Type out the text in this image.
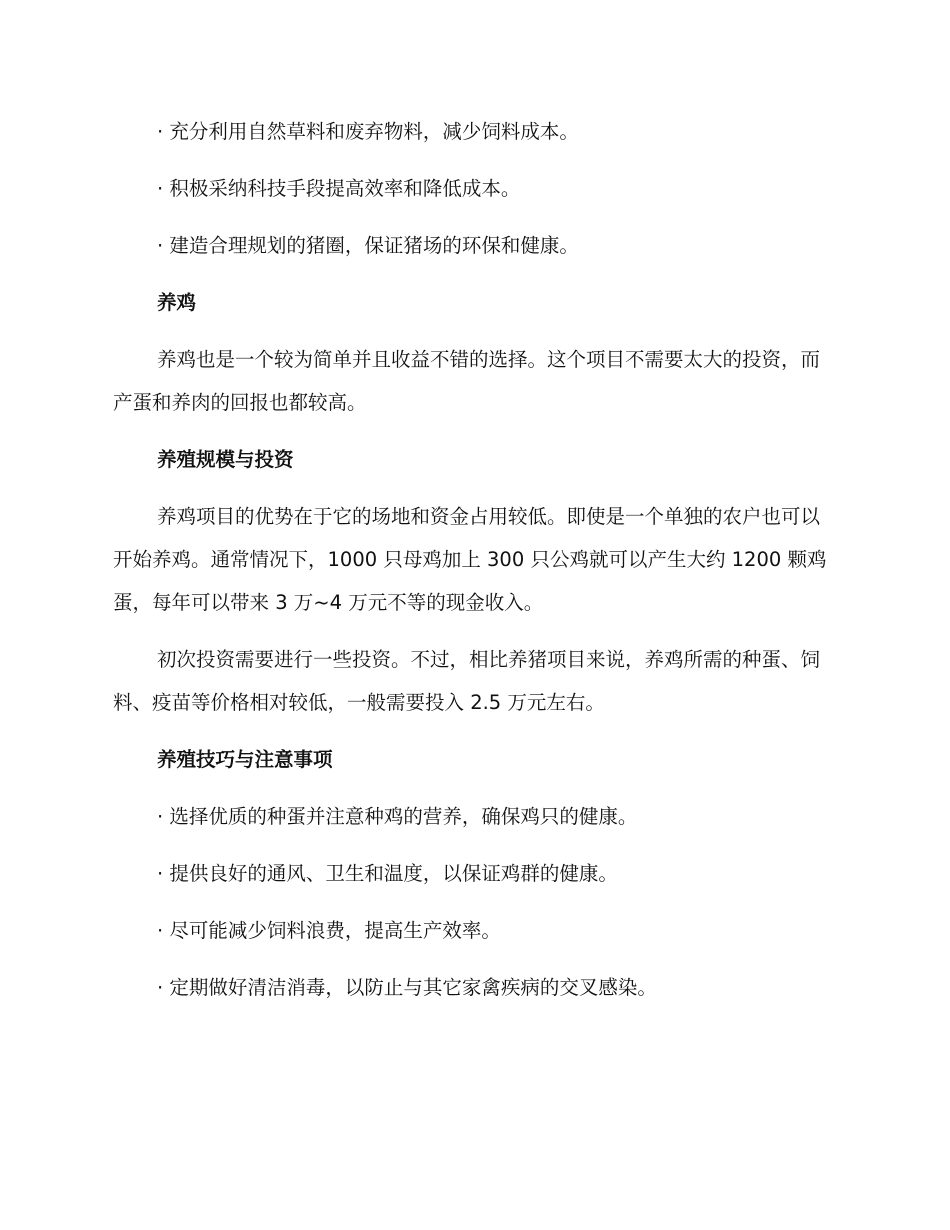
· 充分利用自然草料和废弃物料，减少饲料成本。

· 积极采纳科技手段提高效率和降低成本。

· 建造合理规划的猪圈，保证猪场的环保和健康。

养鸡

养鸡也是一个较为简单并且收益不错的选择。这个项目不需要太大的投资，而产蛋和养肉的回报也都较高。

养殖规模与投资

养鸡项目的优势在于它的场地和资金占用较低。即使是一个单独的农户也可以开始养鸡。通常情况下，1000 只母鸡加上 300 只公鸡就可以产生大约 1200 颗鸡蛋，每年可以带来 3 万~4 万元不等的现金收入。

初次投资需要进行一些投资。不过，相比养猪项目来说，养鸡所需的种蛋、饲料、疫苗等价格相对较低，一般需要投入 2.5 万元左右。

养殖技巧与注意事项

· 选择优质的种蛋并注意种鸡的营养，确保鸡只的健康。

· 提供良好的通风、卫生和温度，以保证鸡群的健康。

· 尽可能减少饲料浪费，提高生产效率。

· 定期做好清洁消毒，以防止与其它家禽疾病的交叉感染。
